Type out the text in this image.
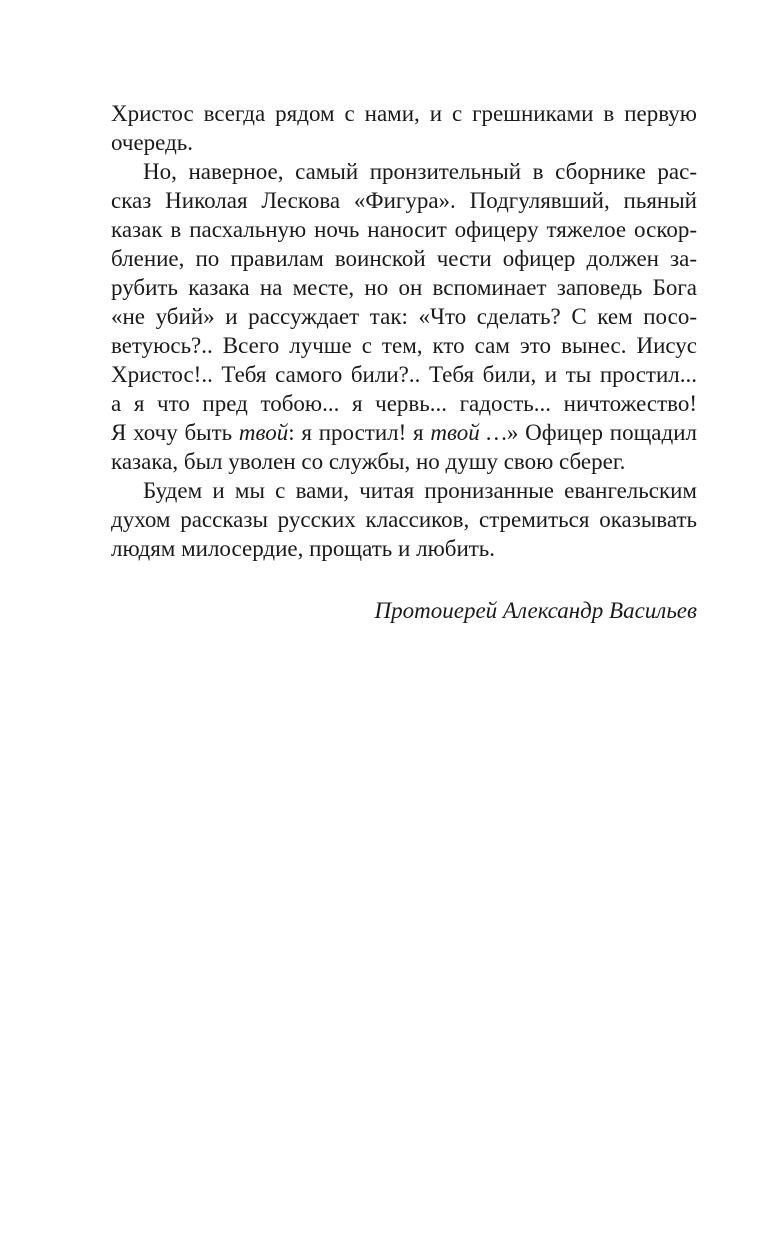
Христос всегда рядом с нами, и с грешниками в первую
очередь.
Но, наверное, самый пронзительный в сборнике рас-
сказ Николая Лескова «Фигура». Подгулявший, пьяный
казак в пасхальную ночь наносит офицеру тяжелое оскор-
бление, по правилам воинской чести офицер должен за-
рубить казака на месте, но он вспоминает заповедь Бога
«не убий» и рассуждает так: «Что сделать? С кем посо-
ветуюсь?.. Всего лучше с тем, кто сам это вынес. Иисус
Христос!.. Тебя самого били?.. Тебя били, и ты простил...
а я что пред тобою... я червь... гадость... ничтожество!
Я хочу быть твой: я простил! я твой …» Офицер пощадил
казака, был уволен со службы, но душу свою сберег.
Будем и мы с вами, читая пронизанные евангельским
духом рассказы русских классиков, стремиться оказывать
людям милосердие, прощать и любить.
Протоиерей Александр Васильев
